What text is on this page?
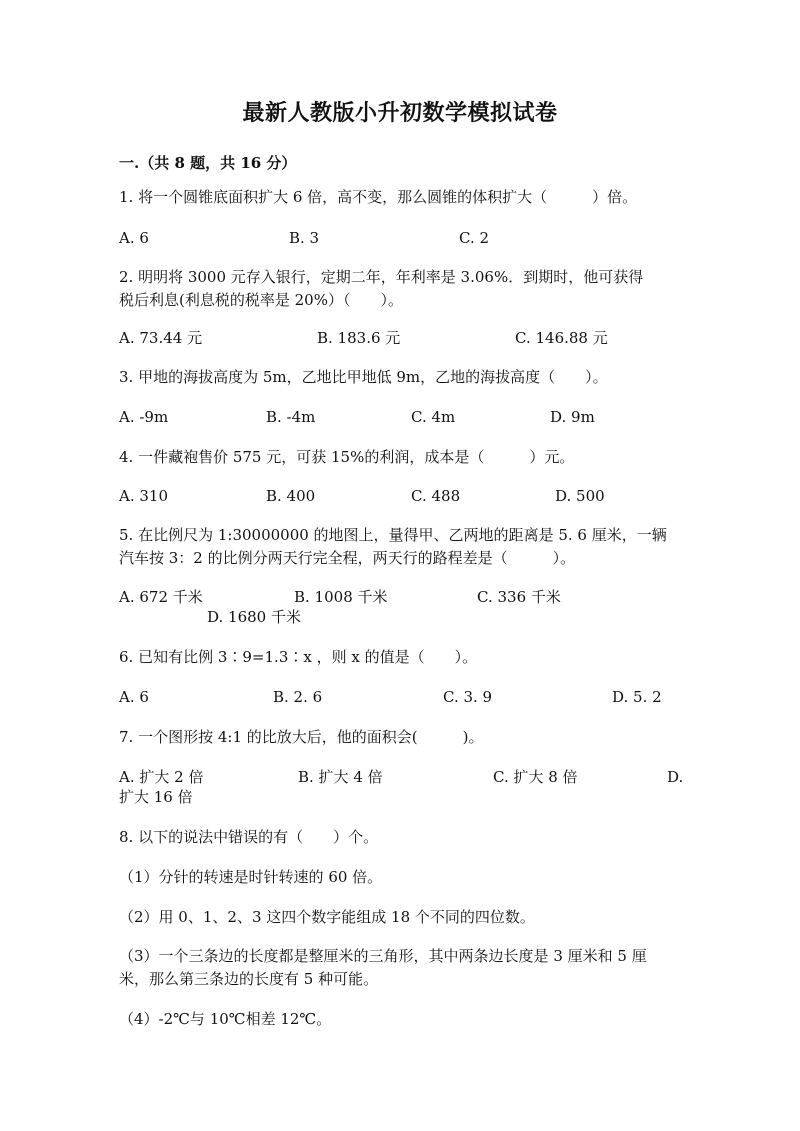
最新人教版小升初数学模拟试卷
一.（共 8 题，共 16 分）
1. 将一个圆锥底面积扩大 6 倍，高不变，那么圆锥的体积扩大（　　　）倍。
A. 6	B. 3	C. 2
2. 明明将 3000 元存入银行，定期二年，年利率是 3.06%．到期时，他可获得
税后利息(利息税的税率是 20%）（　　）。
A. 73.44 元	B. 183.6 元	C. 146.88 元
3. 甲地的海拔高度为 5m，乙地比甲地低 9m，乙地的海拔高度（　　）。
A. -9m	B. -4m	C. 4m	D. 9m
4. 一件藏袍售价 575 元，可获 15%的利润，成本是（　　　）元。
A. 310	B. 400	C. 488	D. 500
5. 在比例尺为 1:30000000 的地图上，量得甲、乙两地的距离是 5. 6 厘米，一辆
汽车按 3：2 的比例分两天行完全程，两天行的路程差是（　　　）。
A. 672 千米	B. 1008 千米	C. 336 千米
D. 1680 千米
6. 已知有比例 3∶9=1.3∶x ，则 x 的值是（　　）。
A. 6	B. 2. 6	C. 3. 9	D. 5. 2
7. 一个图形按 4:1 的比放大后，他的面积会(　　　)。
A. 扩大 2 倍	B. 扩大 4 倍	C. 扩大 8 倍	D.
扩大 16 倍
8. 以下的说法中错误的有（　　）个。
（1）分针的转速是时针转速的 60 倍。
（2）用 0、1、2、3 这四个数字能组成 18 个不同的四位数。
（3）一个三条边的长度都是整厘米的三角形，其中两条边长度是 3 厘米和 5 厘
米，那么第三条边的长度有 5 种可能。
（4）-2℃与 10℃相差 12℃。
